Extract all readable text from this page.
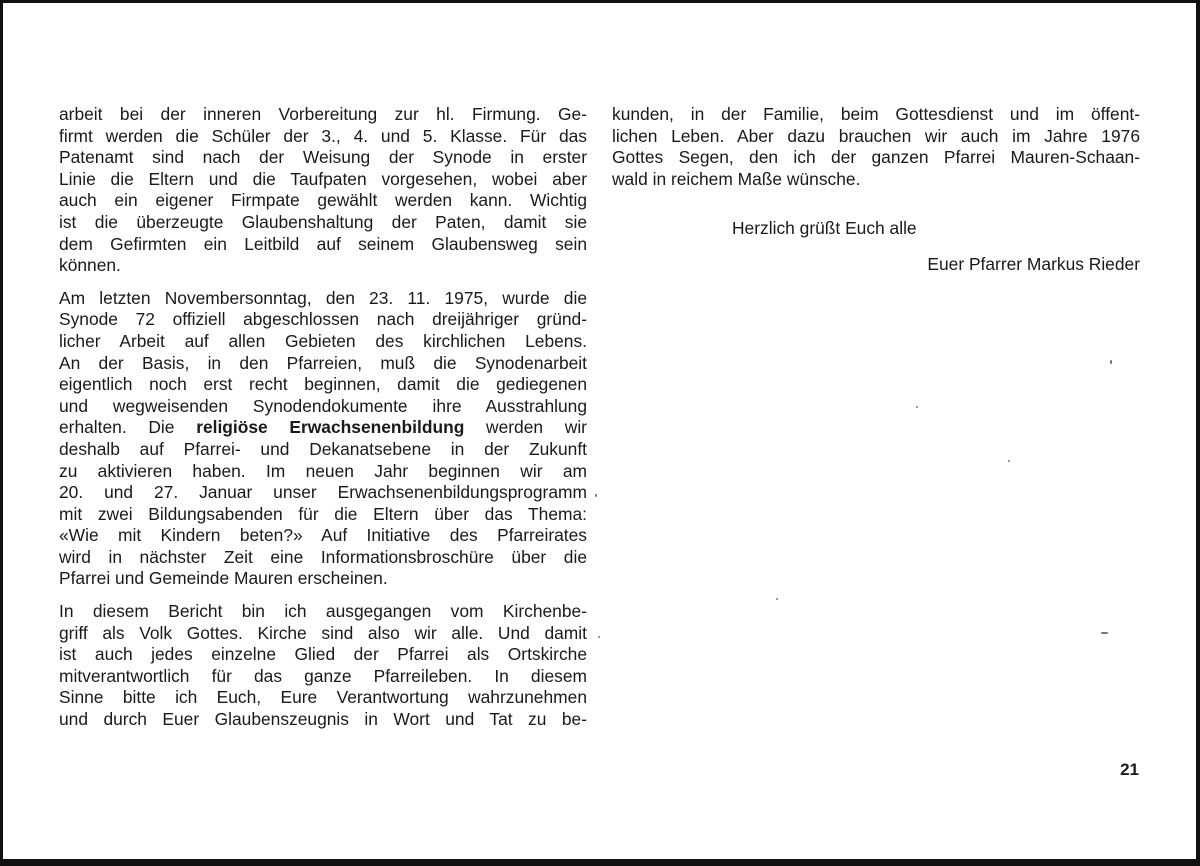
arbeit bei der inneren Vorbereitung zur hl. Firmung. Ge-
firmt werden die Schüler der 3., 4. und 5. Klasse. Für das
Patenamt sind nach der Weisung der Synode in erster
Linie die Eltern und die Taufpaten vorgesehen, wobei aber
auch ein eigener Firmpate gewählt werden kann. Wichtig
ist die überzeugte Glaubenshaltung der Paten, damit sie
dem Gefirmten ein Leitbild auf seinem Glaubensweg sein
können.

Am letzten Novembersonntag, den 23. 11. 1975, wurde die
Synode 72 offiziell abgeschlossen nach dreijähriger gründ-
licher Arbeit auf allen Gebieten des kirchlichen Lebens.
An der Basis, in den Pfarreien, muß die Synodenarbeit
eigentlich noch erst recht beginnen, damit die gediegenen
und wegweisenden Synodendokumente ihre Ausstrahlung
erhalten. Die religiöse Erwachsenenbildung werden wir
deshalb auf Pfarrei- und Dekanatsebene in der Zukunft
zu aktivieren haben. Im neuen Jahr beginnen wir am
20. und 27. Januar unser Erwachsenenbildungsprogramm
mit zwei Bildungsabenden für die Eltern über das Thema:
«Wie mit Kindern beten?» Auf Initiative des Pfarreirates
wird in nächster Zeit eine Informationsbroschüre über die
Pfarrei und Gemeinde Mauren erscheinen.

In diesem Bericht bin ich ausgegangen vom Kirchenbe-
griff als Volk Gottes. Kirche sind also wir alle. Und damit
ist auch jedes einzelne Glied der Pfarrei als Ortskirche
mitverantwortlich für das ganze Pfarreileben. In diesem
Sinne bitte ich Euch, Eure Verantwortung wahrzunehmen
und durch Euer Glaubenszeugnis in Wort und Tat zu be-

kunden, in der Familie, beim Gottesdienst und im öffent-
lichen Leben. Aber dazu brauchen wir auch im Jahre 1976
Gottes Segen, den ich der ganzen Pfarrei Mauren-Schaan-
wald in reichem Maße wünsche.

Herzlich grüßt Euch alle
Euer Pfarrer Markus Rieder
21
